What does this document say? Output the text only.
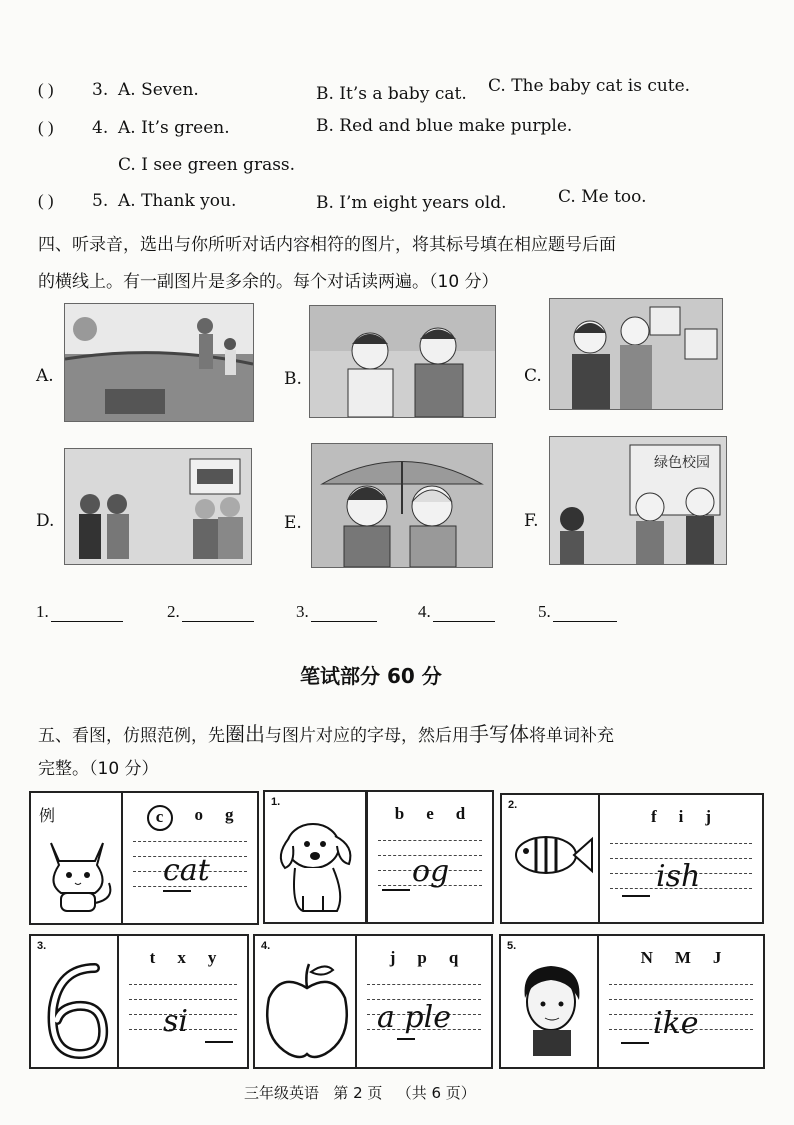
( ) 3. A. Seven.	B. It’s a baby cat. C. The baby cat is cute.
( ) 4. A. It’s green.	B. Red and blue make purple.
C. I see green grass.
( ) 5. A. Thank you.	B. I’m eight years old.	C. Me too.
四、听录音，选出与你所听对话内容相符的图片，将其标号填在相应题号后面
的横线上。有一副图片是多余的。每个对话读两遍。（10 分）
A.	B.	C.
D.	E.	F.
绿色校园
1.	2.	3.	4.	5.
笔试部分 60 分
五、看图，仿照范例，先圈出与图片对应的字母，然后用手写体将单词补充
完整。（10 分）
例	c	o g
cat
1.
b e d
og
2.
f i j
ish
3.
t x y
si
4.
j p q
a ple
5.
N M J
ike
三年级英语   第 2 页   （共 6 页）
